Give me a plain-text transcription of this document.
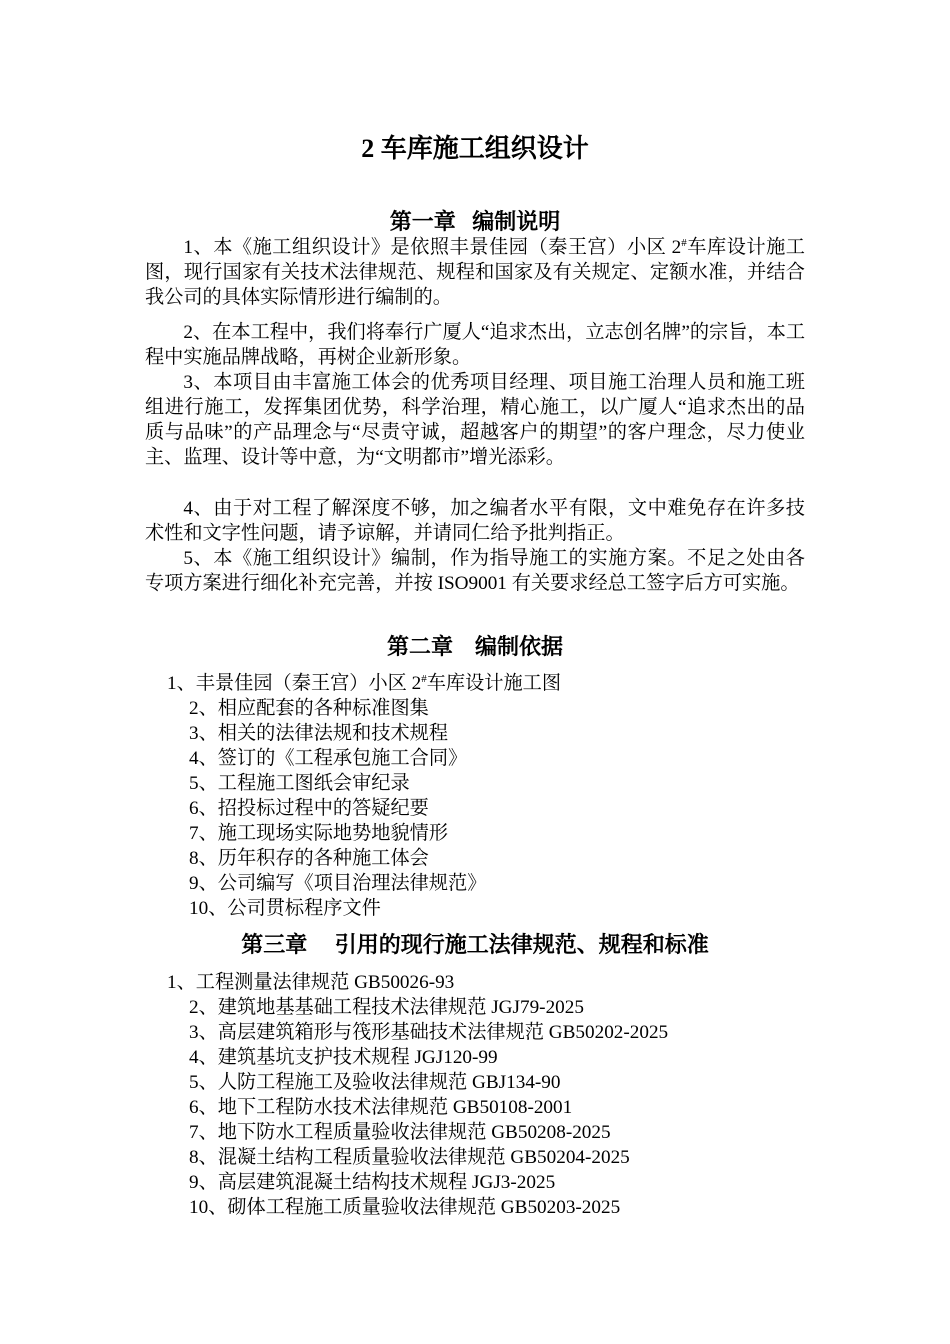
2 车库施工组织设计
第一章   编制说明

1、本《施工组织设计》是依照丰景佳园（秦王宫）小区 2#车库设计施工图，现行国家有关技术法律规范、规程和国家及有关规定、定额水准，并结合我公司的具体实际情形进行编制的。

2、在本工程中，我们将奉行广厦人“追求杰出，立志创名牌”的宗旨，本工程中实施品牌战略，再树企业新形象。

3、本项目由丰富施工体会的优秀项目经理、项目施工治理人员和施工班组进行施工，发挥集团优势，科学治理，精心施工，以广厦人“追求杰出的品质与品味”的产品理念与“尽责守诚，超越客户的期望”的客户理念，尽力使业主、监理、设计等中意，为“文明都市”增光添彩。

4、由于对工程了解深度不够，加之编者水平有限，文中难免存在许多技术性和文字性问题，请予谅解，并请同仁给予批判指正。

5、本《施工组织设计》编制，作为指导施工的实施方案。不足之处由各专项方案进行细化补充完善，并按 ISO9001 有关要求经总工签字后方可实施。

第二章    编制依据
1、丰景佳园（秦王宫）小区 2#车库设计施工图
2、相应配套的各种标准图集
3、相关的法律法规和技术规程
4、签订的《工程承包施工合同》
5、工程施工图纸会审纪录
6、招投标过程中的答疑纪要
7、施工现场实际地势地貌情形
8、历年积存的各种施工体会
9、公司编写《项目治理法律规范》
10、公司贯标程序文件
第三章     引用的现行施工法律规范、规程和标准
1、工程测量法律规范 GB50026-93
2、建筑地基基础工程技术法律规范 JGJ79-2025
3、高层建筑箱形与筏形基础技术法律规范 GB50202-2025
4、建筑基坑支护技术规程 JGJ120-99
5、人防工程施工及验收法律规范 GBJ134-90
6、地下工程防水技术法律规范 GB50108-2001
7、地下防水工程质量验收法律规范 GB50208-2025
8、混凝土结构工程质量验收法律规范 GB50204-2025
9、高层建筑混凝土结构技术规程 JGJ3-2025
10、砌体工程施工质量验收法律规范 GB50203-2025
